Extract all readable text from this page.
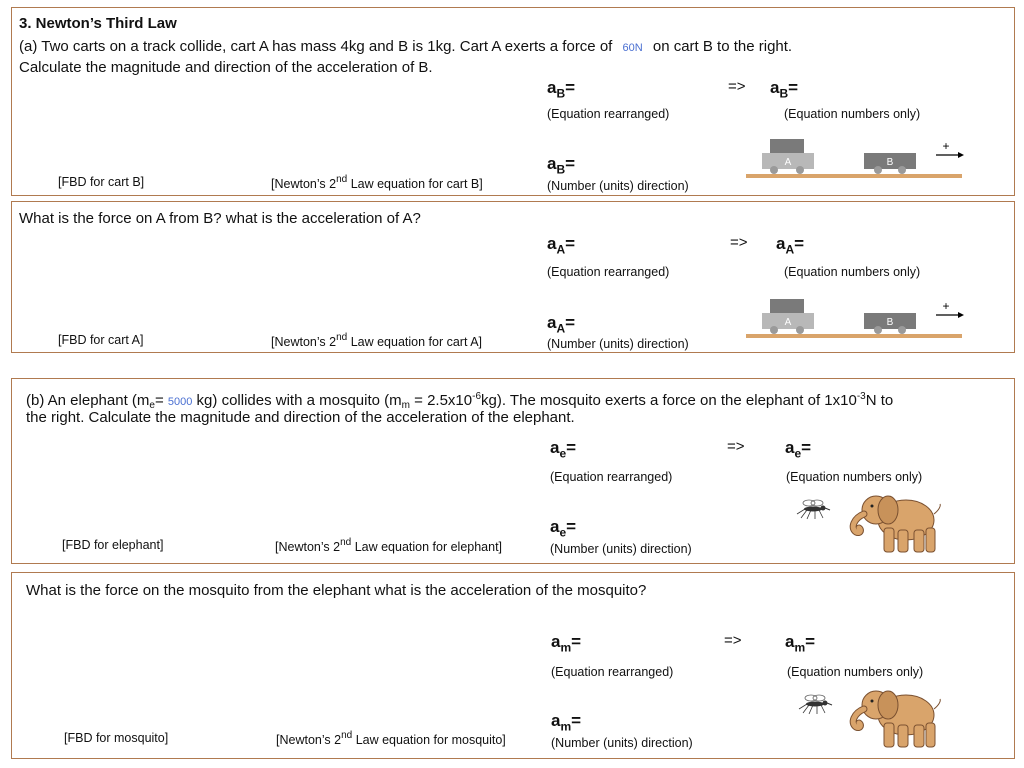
3. Newton’s Third Law
(a) Two carts on a track collide, cart A has mass 4kg and B is 1kg. Cart A exerts a force of 60N on cart B to the right.
Calculate the magnitude and direction of the acceleration of B.
$a_B=$	=> $a_B=$
(Equation rearranged)	(Equation numbers only)
$a_B=$
[FBD for cart B]	[Newton’s 2nd Law equation for cart B]	(Number (units) direction)
A	B
+
What is the force on A from B? what is the acceleration of A?
$a_A=$	=> $a_A=$
(Equation rearranged)	(Equation numbers only)
$a_A=$
[FBD for cart A]	[Newton’s 2nd Law equation for cart A]	(Number (units) direction)
A	B
+
(b) An elephant ($m_e= 5000$ kg) collides with a mosquito $(m_m = 2.5x10^{-6}kg)$. The mosquito exerts a force on the elephant of $1x10^{-3}N$ to
the right. Calculate the magnitude and direction of the acceleration of the elephant.
$a_e=$	=> $a_e=$
(Equation rearranged)	(Equation numbers only)
$a_e=$
[FBD for elephant]	[Newton’s 2nd Law equation for elephant]	(Number (units) direction)
What is the force on the mosquito from the elephant what is the acceleration of the mosquito?
$a_m=$	=>	$a_m=$
(Equation rearranged)	(Equation numbers only)
$a_m=$
[FBD for mosquito]	[Newton’s 2nd Law equation for mosquito]	(Number (units) direction)
